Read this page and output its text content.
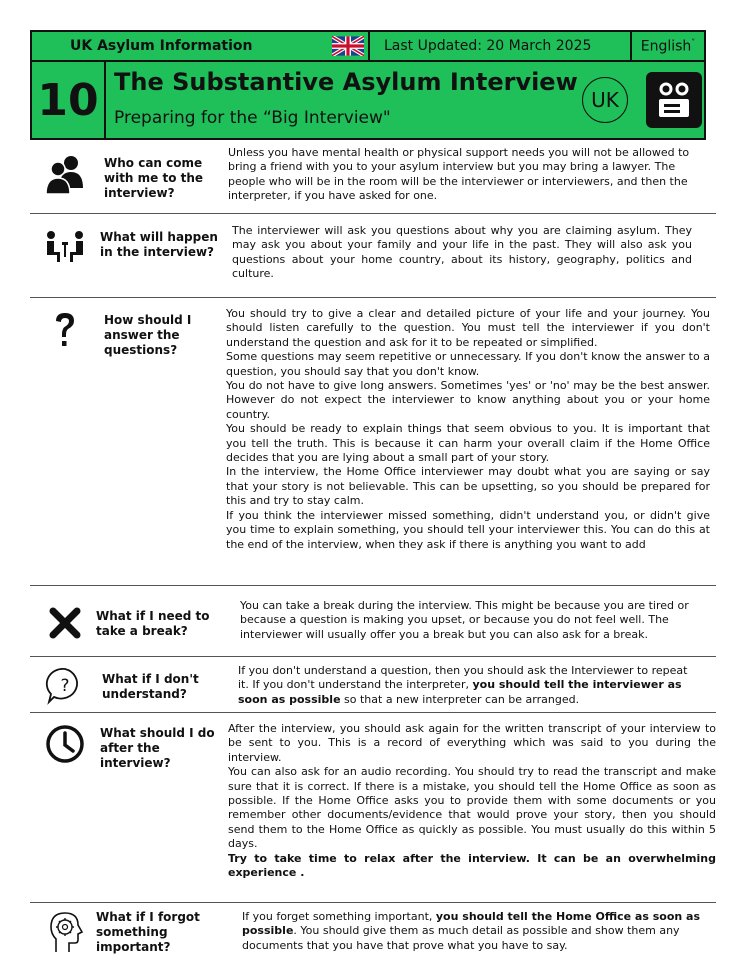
UK Asylum Information	Last Updated: 20 March 2025	English˅
10 The Substantive Asylum Interview
Preparing for the “Big Interview"
UK
Who can come with me to the interview?

Unless you have mental health or physical support needs you will not be allowed to bring a friend with you to your asylum interview but you may bring a lawyer. The people who will be in the room will be the interviewer or interviewers, and then the interpreter, if you have asked for one.

What will happen in the interview?

The interviewer will ask you questions about why you are claiming asylum. They may ask you about your family and your life in the past. They will also ask you questions about your home country, about its history, geography, politics and culture.

How should I answer the questions?

You should try to give a clear and detailed picture of your life and your journey. You should listen carefully to the question. You must tell the interviewer if you don't understand the question and ask for it to be repeated or simplified.

Some questions may seem repetitive or unnecessary. If you don't know the answer to a question, you should say that you don't know.

You do not have to give long answers. Sometimes 'yes' or 'no' may be the best answer. However do not expect the interviewer to know anything about you or your home country.

You should be ready to explain things that seem obvious to you. It is important that you tell the truth. This is because it can harm your overall claim if the Home Office decides that you are lying about a small part of your story.

In the interview, the Home Office interviewer may doubt what you are saying or say that your story is not believable. This can be upsetting, so you should be prepared for this and try to stay calm.

If you think the interviewer missed something, didn't understand you, or didn't give you time to explain something, you should tell your interviewer this. You can do this at the end of the interview, when they ask if there is anything you want to add

What if I need to take a break?

You can take a break during the interview. This might be because you are tired or because a question is making you upset, or because you do not feel well. The interviewer will usually offer you a break but you can also ask for a break.

?	What if I don't understand?

If you don't understand a question, then you should ask the Interviewer to repeat it. If you don't understand the interpreter, you should tell the interviewer as soon as possible so that a new interpreter can be arranged.

What should I do after the interview?

After the interview, you should ask again for the written transcript of your interview to be sent to you. This is a record of everything which was said to you during the interview.

You can also ask for an audio recording. You should try to read the transcript and make sure that it is correct. If there is a mistake, you should tell the Home Office as soon as possible. If the Home Office asks you to provide them with some documents or you remember other documents/evidence that would prove your story, then you should send them to the Home Office as quickly as possible. You must usually do this within 5 days.

Try to take time to relax after the interview. It can be an overwhelming experience .

What if I forgot something important?

If you forget something important, you should tell the Home Office as soon as possible. You should give them as much detail as possible and show them any documents that you have that prove what you have to say.
